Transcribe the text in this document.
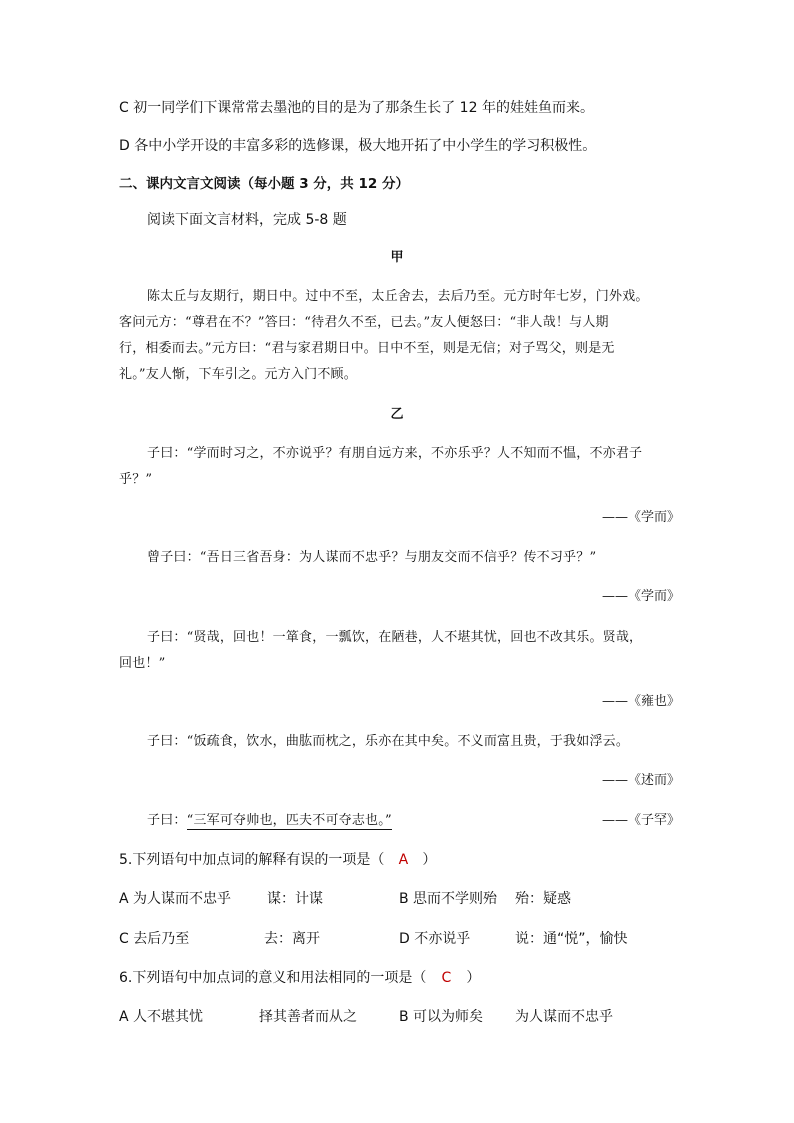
C 初一同学们下课常常去墨池的目的是为了那条生长了 12 年的娃娃鱼而来。
D 各中小学开设的丰富多彩的选修课，极大地开拓了中小学生的学习积极性。
二、课内文言文阅读（每小题 3 分，共 12 分）
阅读下面文言材料，完成 5-8 题
甲
陈太丘与友期行，期日中。过中不至，太丘舍去，去后乃至。元方时年七岁，门外戏。
客问元方：“尊君在不？”答曰：“待君久不至，已去。”友人便怒曰：“非人哉！与人期
行，相委而去。”元方曰：“君与家君期日中。日中不至，则是无信；对子骂父，则是无
礼。”友人惭，下车引之。元方入门不顾。
乙
子曰：“学而时习之，不亦说乎？有朋自远方来，不亦乐乎？人不知而不愠，不亦君子
乎？”
——《学而》
曾子曰：“吾日三省吾身：为人谋而不忠乎？与朋友交而不信乎？传不习乎？”
——《学而》
子曰：“贤哉，回也！一箪食，一瓢饮，在陋巷，人不堪其忧，回也不改其乐。贤哉，
回也！”
——《雍也》
子曰：“饭疏食，饮水，曲肱而枕之，乐亦在其中矣。不义而富且贵，于我如浮云。
——《述而》
子曰：“三军可夺帅也，匹夫不可夺志也。”	——《子罕》
5.下列语句中加点词的解释有误的一项是（ A ）
A 为人谋而不忠乎	谋：计谋	B 思而不学则殆 殆：疑惑
C 去后乃至	去：离开	D 不亦说乎	说：通“悦”，愉快
6.下列语句中加点词的意义和用法相同的一项是（ C ）
A 人不堪其忧	择其善者而从之	B 可以为师矣 为人谋而不忠乎
